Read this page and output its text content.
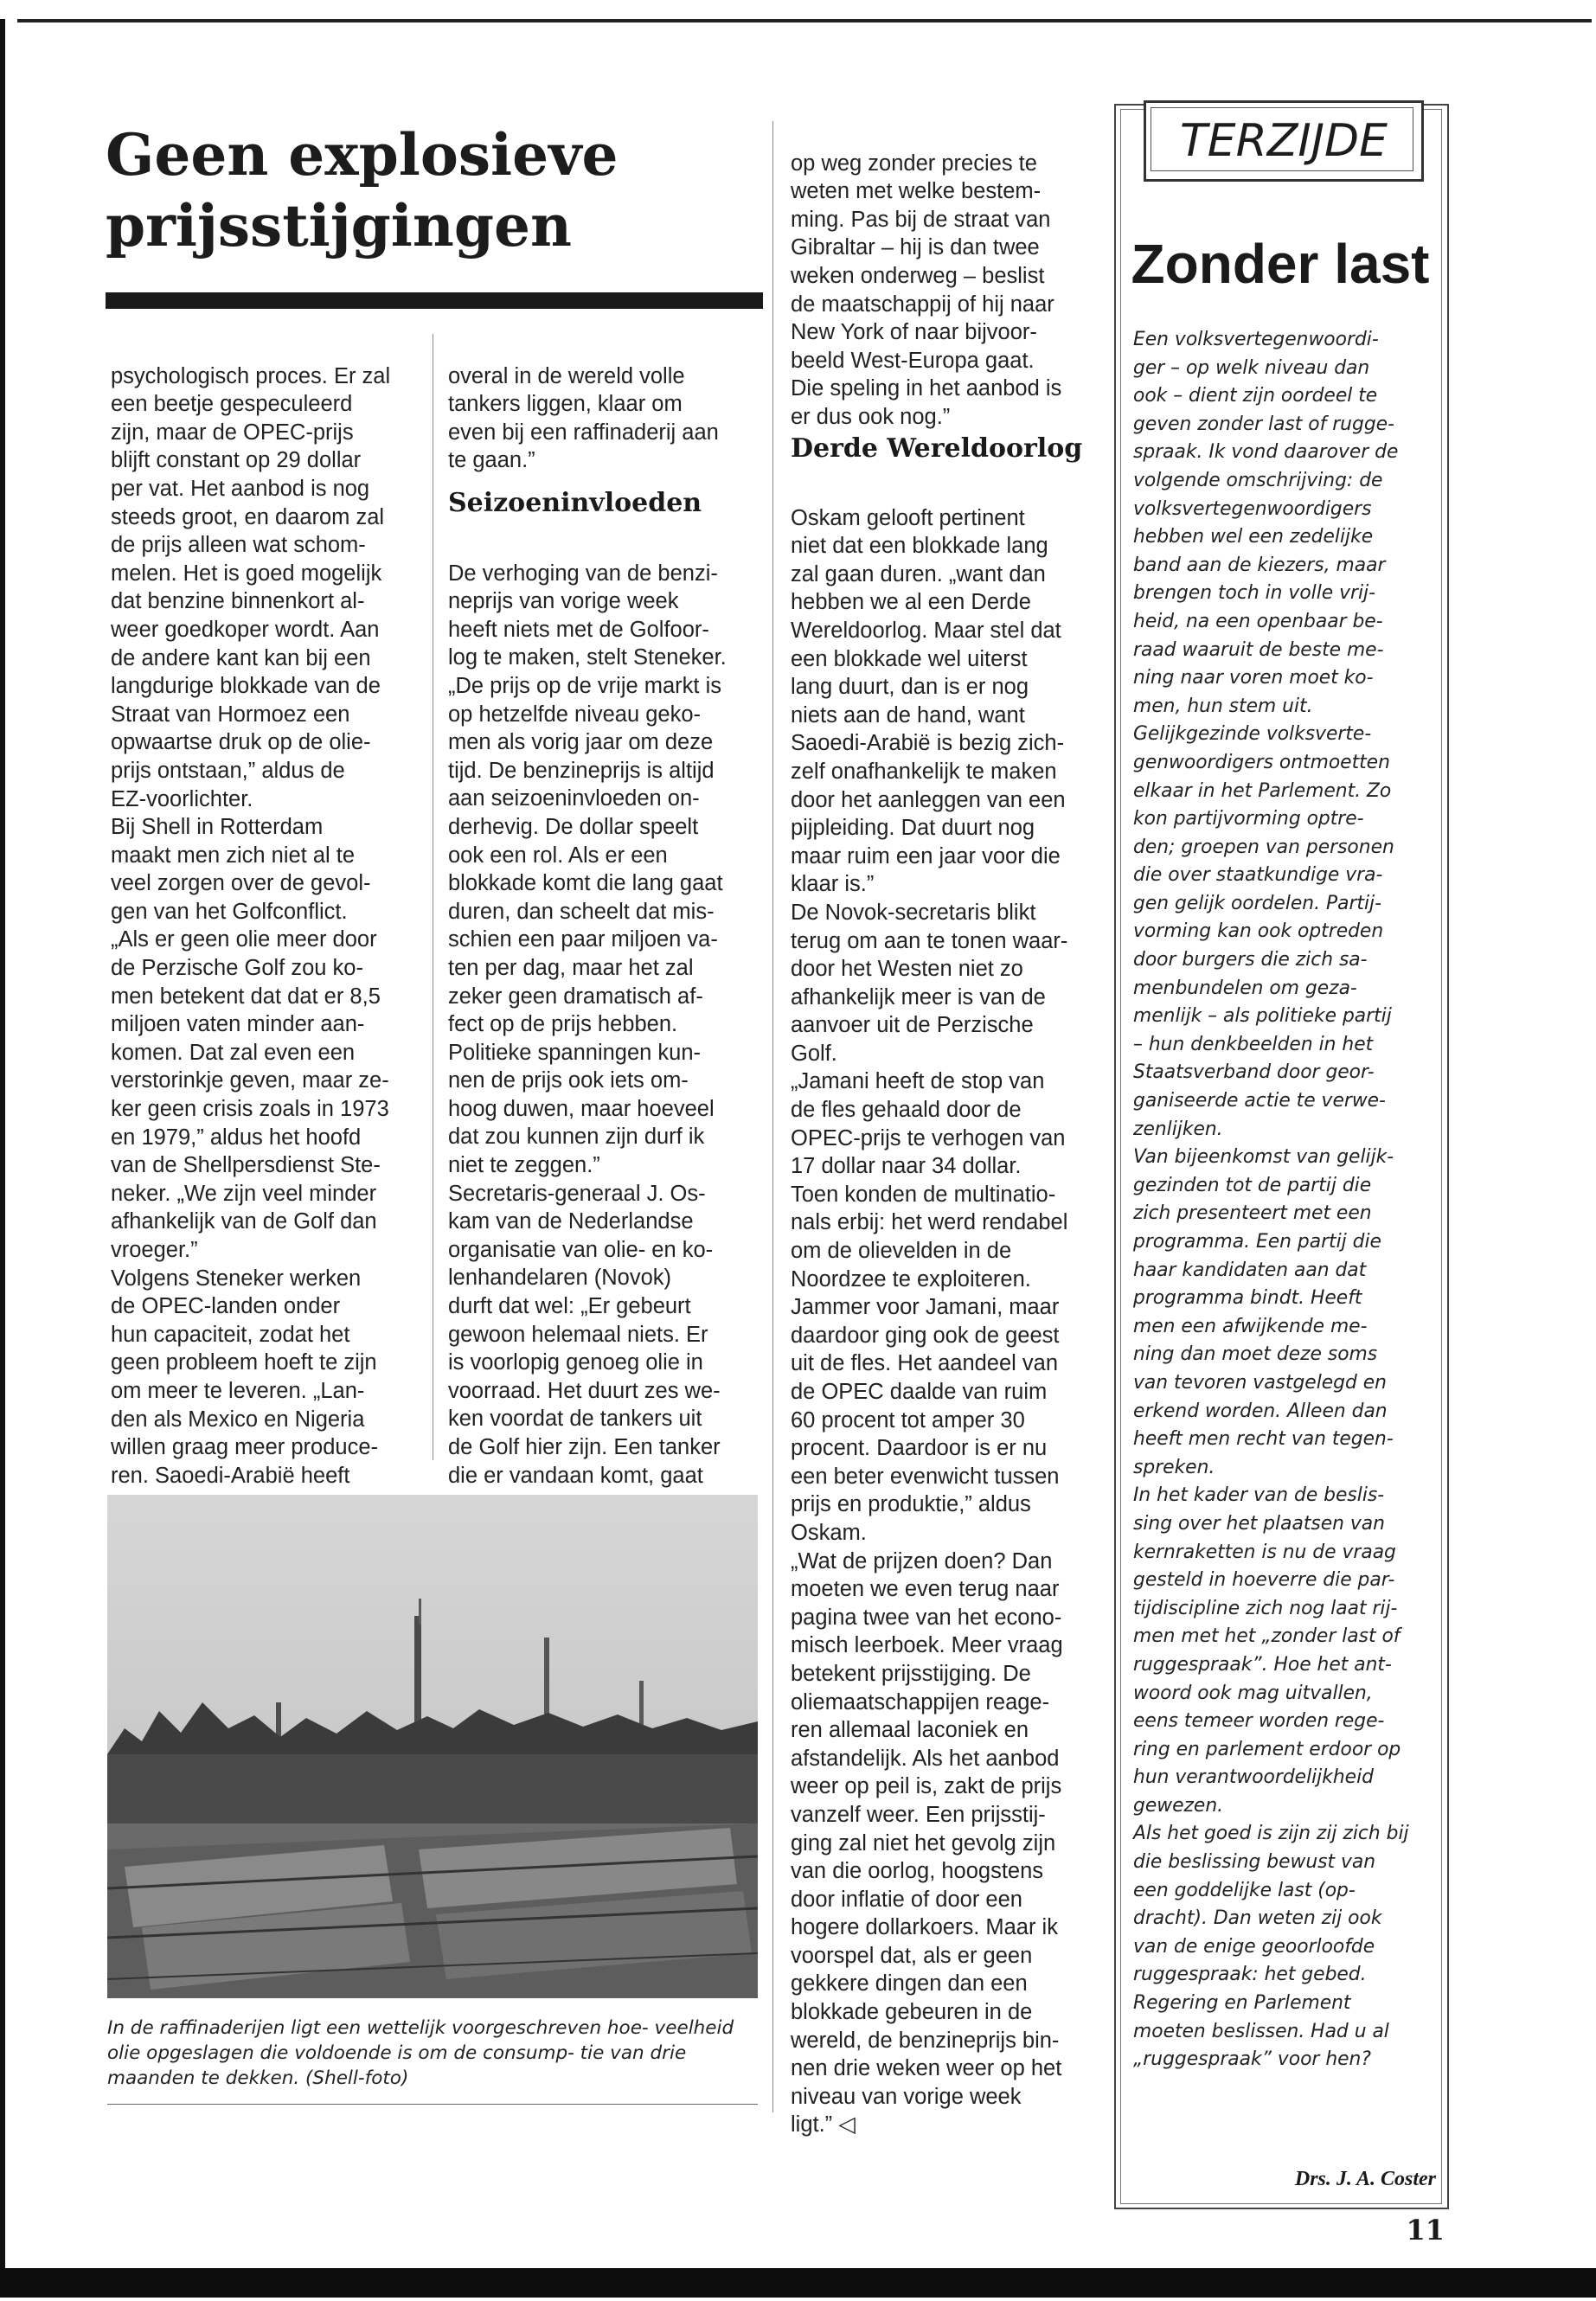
Geen explosieve prijsstijgingen

psychologisch proces. Er zal
een beetje gespeculeerd
zijn, maar de OPEC-prijs
blijft constant op 29 dollar
per vat. Het aanbod is nog
steeds groot, en daarom zal
de prijs alleen wat schom-
melen. Het is goed mogelijk
dat benzine binnenkort al-
weer goedkoper wordt. Aan
de andere kant kan bij een
langdurige blokkade van de
Straat van Hormoez een
opwaartse druk op de olie-
prijs ontstaan,” aldus de
EZ-voorlichter.
Bij Shell in Rotterdam
maakt men zich niet al te
veel zorgen over de gevol-
gen van het Golfconflict.
„Als er geen olie meer door
de Perzische Golf zou ko-
men betekent dat dat er 8,5
miljoen vaten minder aan-
komen. Dat zal even een
verstorinkje geven, maar ze-
ker geen crisis zoals in 1973
en 1979,” aldus het hoofd
van de Shellpersdienst Ste-
neker. „We zijn veel minder
afhankelijk van de Golf dan
vroeger.”
Volgens Steneker werken
de OPEC-landen onder
hun capaciteit, zodat het
geen probleem hoeft te zijn
om meer te leveren. „Lan-
den als Mexico en Nigeria
willen graag meer produce-
ren. Saoedi-Arabië heeft

overal in de wereld volle
tankers liggen, klaar om
even bij een raffinaderij aan
te gaan.”

Seizoeninvloeden

De verhoging van de benzi-
neprijs van vorige week
heeft niets met de Golfoor-
log te maken, stelt Steneker.
„De prijs op de vrije markt is
op hetzelfde niveau geko-
men als vorig jaar om deze
tijd. De benzineprijs is altijd
aan seizoeninvloeden on-
derhevig. De dollar speelt
ook een rol. Als er een
blokkade komt die lang gaat
duren, dan scheelt dat mis-
schien een paar miljoen va-
ten per dag, maar het zal
zeker geen dramatisch af-
fect op de prijs hebben.
Politieke spanningen kun-
nen de prijs ook iets om-
hoog duwen, maar hoeveel
dat zou kunnen zijn durf ik
niet te zeggen.”
Secretaris-generaal J. Os-
kam van de Nederlandse
organisatie van olie- en ko-
lenhandelaren (Novok)
durft dat wel: „Er gebeurt
gewoon helemaal niets. Er
is voorlopig genoeg olie in
voorraad. Het duurt zes we-
ken voordat de tankers uit
de Golf hier zijn. Een tanker
die er vandaan komt, gaat

op weg zonder precies te
weten met welke bestem-
ming. Pas bij de straat van
Gibraltar – hij is dan twee
weken onderweg – beslist
de maatschappij of hij naar
New York of naar bijvoor-
beeld West-Europa gaat.
Die speling in het aanbod is
er dus ook nog.”

Derde Wereldoorlog

Oskam gelooft pertinent
niet dat een blokkade lang
zal gaan duren. „want dan
hebben we al een Derde
Wereldoorlog. Maar stel dat
een blokkade wel uiterst
lang duurt, dan is er nog
niets aan de hand, want
Saoedi-Arabië is bezig zich-
zelf onafhankelijk te maken
door het aanleggen van een
pijpleiding. Dat duurt nog
maar ruim een jaar voor die
klaar is.”
De Novok-secretaris blikt
terug om aan te tonen waar-
door het Westen niet zo
afhankelijk meer is van de
aanvoer uit de Perzische
Golf.
„Jamani heeft de stop van
de fles gehaald door de
OPEC-prijs te verhogen van
17 dollar naar 34 dollar.
Toen konden de multinatio-
nals erbij: het werd rendabel
om de olievelden in de
Noordzee te exploiteren.
Jammer voor Jamani, maar
daardoor ging ook de geest
uit de fles. Het aandeel van
de OPEC daalde van ruim
60 procent tot amper 30
procent. Daardoor is er nu
een beter evenwicht tussen
prijs en produktie,” aldus
Oskam.
„Wat de prijzen doen? Dan
moeten we even terug naar
pagina twee van het econo-
misch leerboek. Meer vraag
betekent prijsstijging. De
oliemaatschappijen reage-
ren allemaal laconiek en
afstandelijk. Als het aanbod
weer op peil is, zakt de prijs
vanzelf weer. Een prijsstij-
ging zal niet het gevolg zijn
van die oorlog, hoogstens
door inflatie of door een
hogere dollarkoers. Maar ik
voorspel dat, als er geen
gekkere dingen dan een
blokkade gebeuren in de
wereld, de benzineprijs bin-
nen drie weken weer op het
niveau van vorige week
ligt.” ◁

In de raffinaderijen ligt een wettelijk voorgeschreven hoe- veelheid olie opgeslagen die voldoende is om de consump- tie van drie maanden te dekken. (Shell-foto)

TERZIJDE
Zonder last
Een volksvertegenwoordi-
ger – op welk niveau dan
ook – dient zijn oordeel te
geven zonder last of rugge-
spraak. Ik vond daarover de
volgende omschrijving: de
volksvertegenwoordigers
hebben wel een zedelijke
band aan de kiezers, maar
brengen toch in volle vrij-
heid, na een openbaar be-
raad waaruit de beste me-
ning naar voren moet ko-
men, hun stem uit.
Gelijkgezinde volksverte-
genwoordigers ontmoetten
elkaar in het Parlement. Zo
kon partijvorming optre-
den; groepen van personen
die over staatkundige vra-
gen gelijk oordelen. Partij-
vorming kan ook optreden
door burgers die zich sa-
menbundelen om geza-
menlijk – als politieke partij
– hun denkbeelden in het
Staatsverband door geor-
ganiseerde actie te verwe-
zenlijken.
Van bijeenkomst van gelijk-
gezinden tot de partij die
zich presenteert met een
programma. Een partij die
haar kandidaten aan dat
programma bindt. Heeft
men een afwijkende me-
ning dan moet deze soms
van tevoren vastgelegd en
erkend worden. Alleen dan
heeft men recht van tegen-
spreken.
In het kader van de beslis-
sing over het plaatsen van
kernraketten is nu de vraag
gesteld in hoeverre die par-
tijdiscipline zich nog laat rij-
men met het „zonder last of
ruggespraak”. Hoe het ant-
woord ook mag uitvallen,
eens temeer worden rege-
ring en parlement erdoor op
hun verantwoordelijkheid
gewezen.
Als het goed is zijn zij zich bij
die beslissing bewust van
een goddelijke last (op-
dracht). Dan weten zij ook
van de enige geoorloofde
ruggespraak: het gebed.
Regering en Parlement
moeten beslissen. Had u al
„ruggespraak” voor hen?
Drs. J. A. Coster
11
